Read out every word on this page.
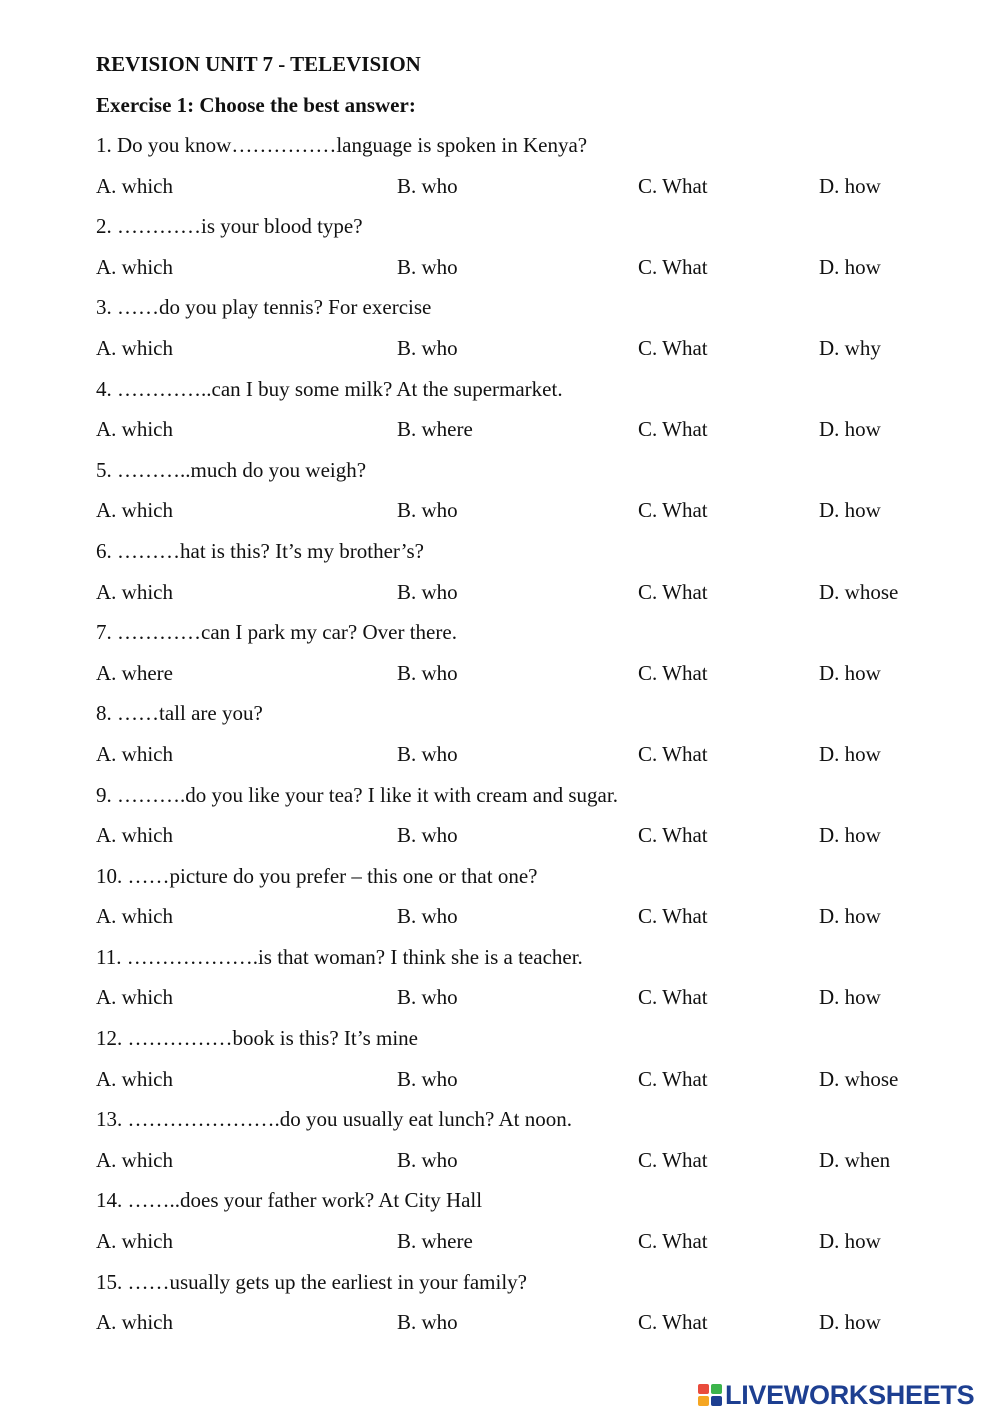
REVISION UNIT 7 - TELEVISION
Exercise 1: Choose the best answer:
1. Do you know……………language is spoken in Kenya?
A. which	B. who	C. What	D. how
2. …………is your blood type?
A. which	B. who	C. What	D. how
3. ……do you play tennis? For exercise
A. which	B. who	C. What	D. why
4. …………..can I buy some milk? At the supermarket.
A. which	B. where	C. What	D. how
5. ………..much do you weigh?
A. which	B. who	C. What	D. how
6. ………hat is this? It’s my brother’s?
A. which	B. who	C. What	D. whose
7. …………can I park my car? Over there.
A. where	B. who	C. What	D. how
8. ……tall are you?
A. which	B. who	C. What	D. how
9. ……….do you like your tea? I like it with cream and sugar.
A. which	B. who	C. What	D. how
10. ……picture do you prefer – this one or that one?
A. which	B. who	C. What	D. how
11. ……………….is that woman? I think she is a teacher.
A. which	B. who	C. What	D. how
12. ……………book is this? It’s mine
A. which	B. who	C. What	D. whose
13. ………………….do you usually eat lunch? At noon.
A. which	B. who	C. What	D. when
14. ……..does your father work? At City Hall
A. which	B. where	C. What	D. how
15. ……usually gets up the earliest in your family?
A. which	B. who	C. What	D. how
LIVEWORKSHEETS
